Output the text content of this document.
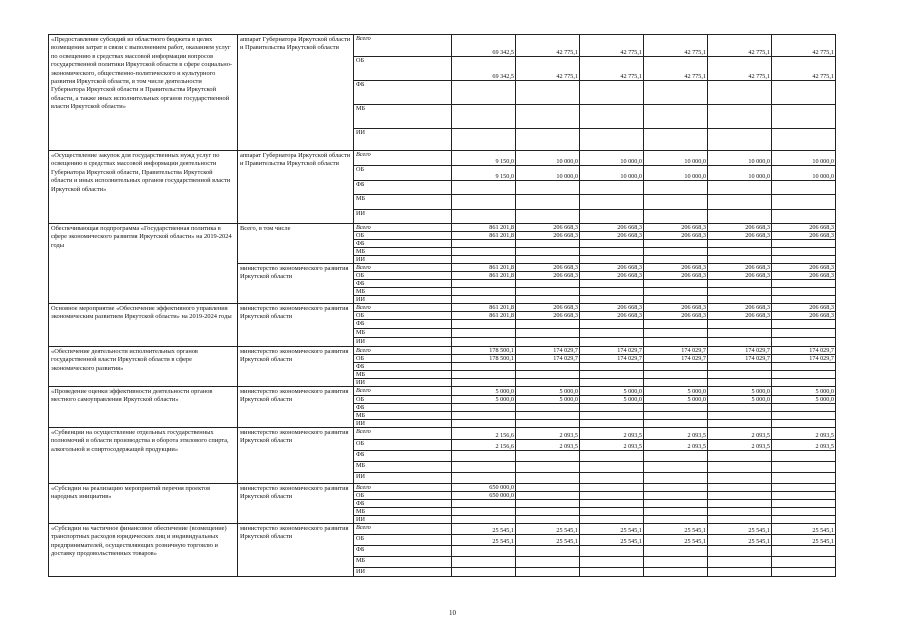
«Предоставление субсидий из областного бюджета в целях возмещения затрат в связи с выполнением работ, оказанием услуг по освещению в средствах массовой информации вопросов государственной политики Иркутской области в сфере социально-экономического, общественно-политического и культурного развития Иркутской области, в том числе деятельности Губернатора Иркутской области и Правительства Иркутской области, а также иных исполнительных органов государственной власти Иркутской области»	аппарат Губернатора Иркутской области и Правительства Иркутской области	Всего	69 342,5	42 775,1	42 775,1	42 775,1	42 775,1	42 775,1
		ОБ	69 342,5	42 775,1	42 775,1	42 775,1	42 775,1	42 775,1
		ФБ						
		МБ						
		ИИ						
«Осуществление закупок для государственных нужд услуг по освещению в средствах массовой информации деятельности Губернатора Иркутской области, Правительства Иркутской области и иных исполнительных органов государственной власти Иркутской области»	аппарат Губернатора Иркутской области и Правительства Иркутской области	Всего	9 150,0	10 000,0	10 000,0	10 000,0	10 000,0	10 000,0
		ОБ	9 150,0	10 000,0	10 000,0	10 000,0	10 000,0	10 000,0
		ФБ						
		МБ						
		ИИ						
Обеспечивающая подпрограмма «Государственная политика в сфере экономического развития Иркутской области» на 2019-2024 годы	Всего, в том числе	Всего	861 201,8	206 668,3	206 668,3	206 668,3	206 668,3	206 668,3
		ОБ	861 201,8	206 668,3	206 668,3	206 668,3	206 668,3	206 668,3
		ФБ						
		МБ						
		ИИ						
	министерство экономического развития Иркутской области	Всего	861 201,8	206 668,3	206 668,3	206 668,3	206 668,3	206 668,3
		ОБ	861 201,8	206 668,3	206 668,3	206 668,3	206 668,3	206 668,3
		ФБ						
		МБ						
		ИИ						
Основное мероприятие «Обеспечение эффективного управления экономическим развитием Иркутской области» на 2019-2024 годы	министерство экономического развития Иркутской области	Всего	861 201,8	206 668,3	206 668,3	206 668,3	206 668,3	206 668,3
		ОБ	861 201,8	206 668,3	206 668,3	206 668,3	206 668,3	206 668,3
		ФБ						
		МБ						
		ИИ						
«Обеспечение деятельности исполнительных органов государственной власти Иркутской области в сфере экономического развития»	министерство экономического развития Иркутской области	Всего	178 500,1	174 029,7	174 029,7	174 029,7	174 029,7	174 029,7
		ОБ	178 500,1	174 029,7	174 029,7	174 029,7	174 029,7	174 029,7
		ФБ						
		МБ						
		ИИ						
«Проведение оценки эффективности деятельности органов местного самоуправления Иркутской области»	министерство экономического развития Иркутской области	Всего	5 000,0	5 000,0	5 000,0	5 000,0	5 000,0	5 000,0
		ОБ	5 000,0	5 000,0	5 000,0	5 000,0	5 000,0	5 000,0
		ФБ						
		МБ						
		ИИ						
«Субвенции на осуществление отдельных государственных полномочий в области производства и оборота этилового спирта, алкогольной и спиртосодержащей продукции»	министерство экономического развития Иркутской области	Всего	2 156,6	2 093,5	2 093,5	2 093,5	2 093,5	2 093,5
		ОБ	2 156,6	2 093,5	2 093,5	2 093,5	2 093,5	2 093,5
		ФБ						
		МБ						
		ИИ						
«Субсидии на реализацию мероприятий перечня проектов народных инициатив»	министерство экономического развития Иркутской области	Всего	650 000,0					
		ОБ	650 000,0					
		ФБ						
		МБ						
		ИИ						
«Субсидии на частичное финансовое обеспечение (возмещение) транспортных расходов юридических лиц и индивидуальных предпринимателей, осуществляющих розничную торговлю и доставку продовольственных товаров»	министерство экономического развития Иркутской области	Всего	25 545,1	25 545,1	25 545,1	25 545,1	25 545,1	25 545,1
		ОБ	25 545,1	25 545,1	25 545,1	25 545,1	25 545,1	25 545,1
		ФБ						
		МБ						
		ИИ						
10
